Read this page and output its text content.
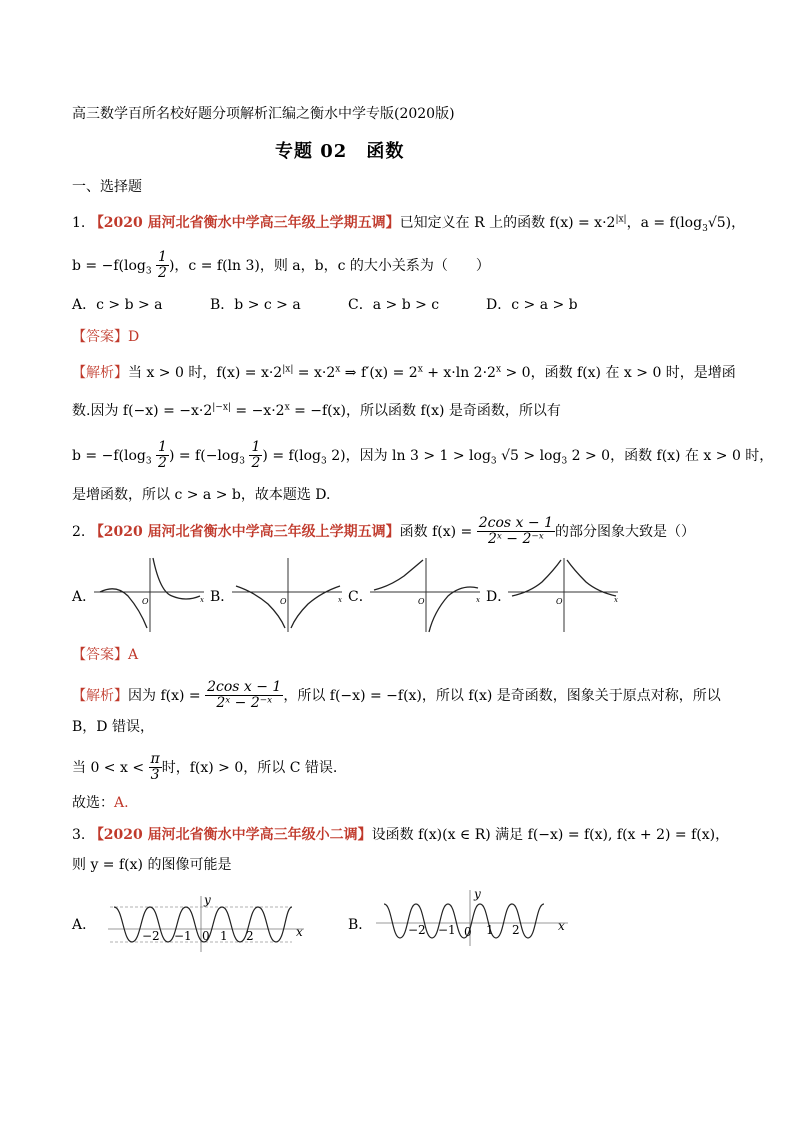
高三数学百所名校好题分项解析汇编之衡水中学专版(2020版)
专题 02　函数
一、选择题
1. 【2020 届河北省衡水中学高三年级上学期五调】已知定义在 R 上的函数 $f(x) = x\cdot 2^{|x|}$，$a = f(\log_3√5)$，
$b = -f(\log_3 \frac{1}{2}$ )，c = f(ln 3)，则 a，b，c 的大小关系为（　　）
A．c > b > a	B．b > c > a	C．a > b > c	D．c > a > b
【答案】D
【解析】当 x > 0 时，$f(x) = x\cdot 2^{|x|} = x\cdot 2^x$ ⇒ $f'(x) = 2^x + x\cdot\ln$ $2\cdot 2^x > 0$，函数 f(x) 在 x > 0 时，是增函
数.因为 $f(-x) = -x\cdot 2^{|-x|} = -x\cdot 2^x = -f(x)$，所以函数 f(x) 是奇函数，所以有
$b = -f(\log_3 \frac{1}{2}$ ) = $f(-\log_3 \frac{1}{2}$ ) = $f(\log_3$ 2)，因为 $\ln 3 > 1 > \log_3 √5 > \log_3 2 > 0$，函数 f(x) 在 x > 0 时，
是增函数，所以 c > a > b，故本题选 D.
2. 【2020 届河北省衡水中学高三年级上学期五调】函数 $f(x) = \frac{\text{2cos x − 1}}{\text{2ˣ − 2⁻ˣ}}$ 的部分图象大致是（）
A．	O	x B．	O	x C．	O	x D．	O	x
【答案】A
【解析】因为 $f(x) = \frac{\text{2cos x − 1}}{\text{2ˣ − 2⁻ˣ}}$ ，所以 f(−x) = −f(x)，所以 f(x) 是奇函数，图象关于原点对称，所以
B，D 错误，
当 $0 < x < \frac{\pi}{3}$ 时，f(x) > 0，所以 C 错误.
故选：A.
3. 【2020 届河北省衡水中学高三年级小二调】设函数 f(x)(x ∈ R) 满足 f(−x) = f(x), f(x + 2) = f(x)，
则 y = f(x) 的图像可能是
A．
−2 −1 0 1 2
y
x	B．	−2 −1 0 1 2
y
x
